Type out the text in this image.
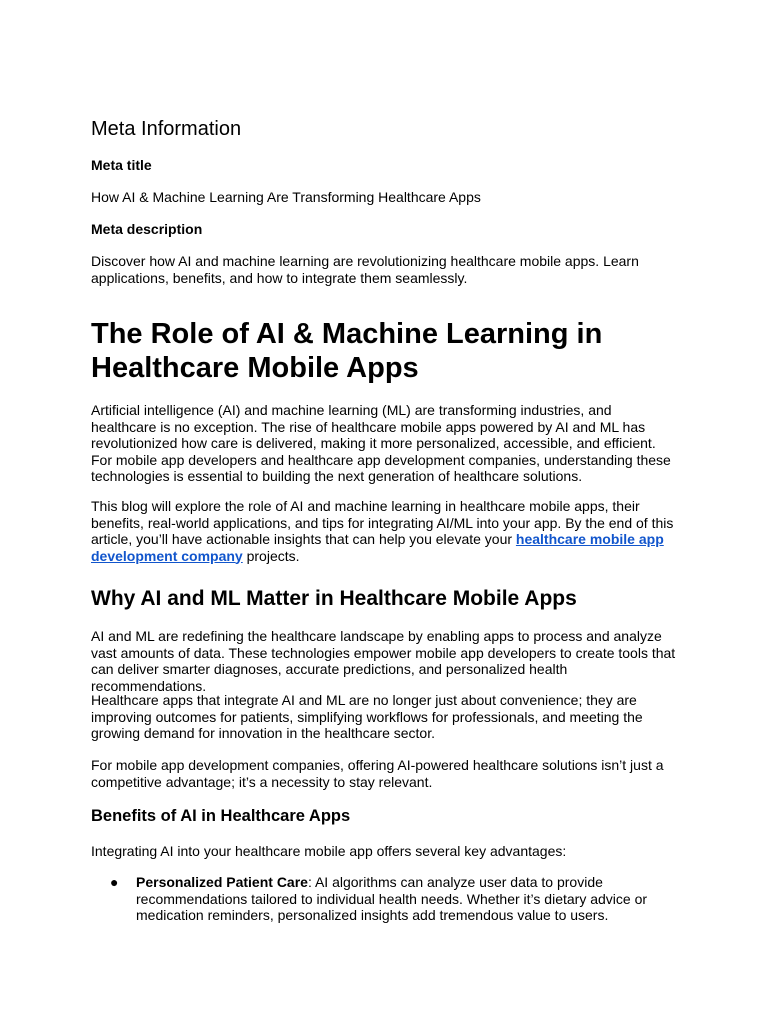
Meta Information
Meta title
How AI & Machine Learning Are Transforming Healthcare Apps
Meta description
Discover how AI and machine learning are revolutionizing healthcare mobile apps. Learn applications, benefits, and how to integrate them seamlessly.
The Role of AI & Machine Learning in Healthcare Mobile Apps

Artificial intelligence (AI) and machine learning (ML) are transforming industries, and healthcare is no exception. The rise of healthcare mobile apps powered by AI and ML has revolutionized how care is delivered, making it more personalized, accessible, and efficient. For mobile app developers and healthcare app development companies, understanding these technologies is essential to building the next generation of healthcare solutions.

This blog will explore the role of AI and machine learning in healthcare mobile apps, their benefits, real-world applications, and tips for integrating AI/ML into your app. By the end of this article, you’ll have actionable insights that can help you elevate your healthcare mobile app development company projects.

Why AI and ML Matter in Healthcare Mobile Apps

AI and ML are redefining the healthcare landscape by enabling apps to process and analyze vast amounts of data. These technologies empower mobile app developers to create tools that can deliver smarter diagnoses, accurate predictions, and personalized health recommendations.

Healthcare apps that integrate AI and ML are no longer just about convenience; they are improving outcomes for patients, simplifying workflows for professionals, and meeting the growing demand for innovation in the healthcare sector.

For mobile app development companies, offering AI-powered healthcare solutions isn’t just a competitive advantage; it’s a necessity to stay relevant.

Benefits of AI in Healthcare Apps

Integrating AI into your healthcare mobile app offers several key advantages:

● Personalized Patient Care: AI algorithms can analyze user data to provide recommendations tailored to individual health needs. Whether it’s dietary advice or medication reminders, personalized insights add tremendous value to users.
